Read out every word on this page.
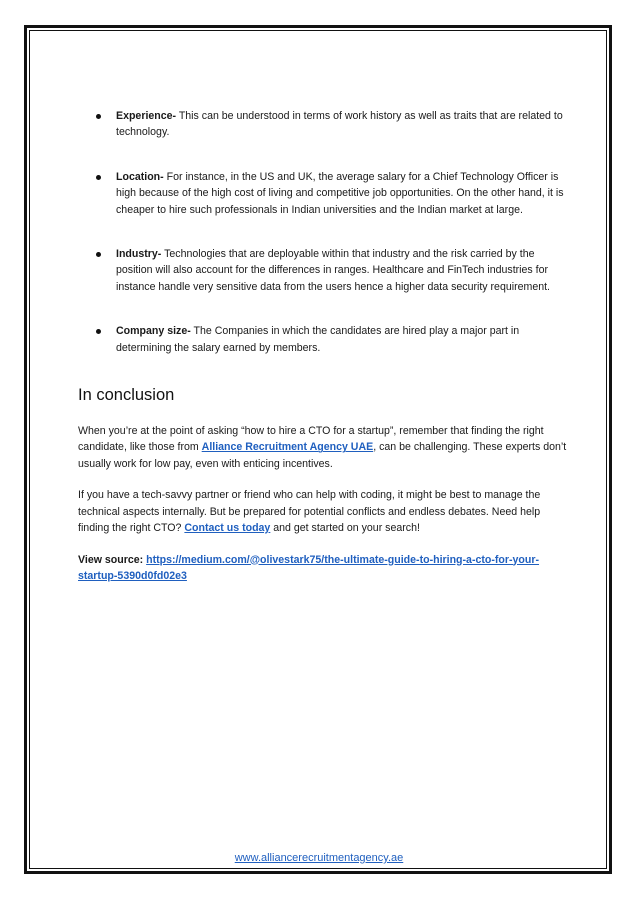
Experience- This can be understood in terms of work history as well as traits that are related to technology.
Location- For instance, in the US and UK, the average salary for a Chief Technology Officer is high because of the high cost of living and competitive job opportunities. On the other hand, it is cheaper to hire such professionals in Indian universities and the Indian market at large.
Industry- Technologies that are deployable within that industry and the risk carried by the position will also account for the differences in ranges. Healthcare and FinTech industries for instance handle very sensitive data from the users hence a higher data security requirement.
Company size- The Companies in which the candidates are hired play a major part in determining the salary earned by members.
In conclusion

When you’re at the point of asking “how to hire a CTO for a startup”, remember that finding the right candidate, like those from Alliance Recruitment Agency UAE, can be challenging. These experts don’t usually work for low pay, even with enticing incentives.

If you have a tech-savvy partner or friend who can help with coding, it might be best to manage the technical aspects internally. But be prepared for potential conflicts and endless debates. Need help finding the right CTO? Contact us today and get started on your search!

View source: https://medium.com/@olivestark75/the-ultimate-guide-to-hiring-a-cto-for-your-startup-5390d0fd02e3

www.alliancerecruitmentagency.ae
